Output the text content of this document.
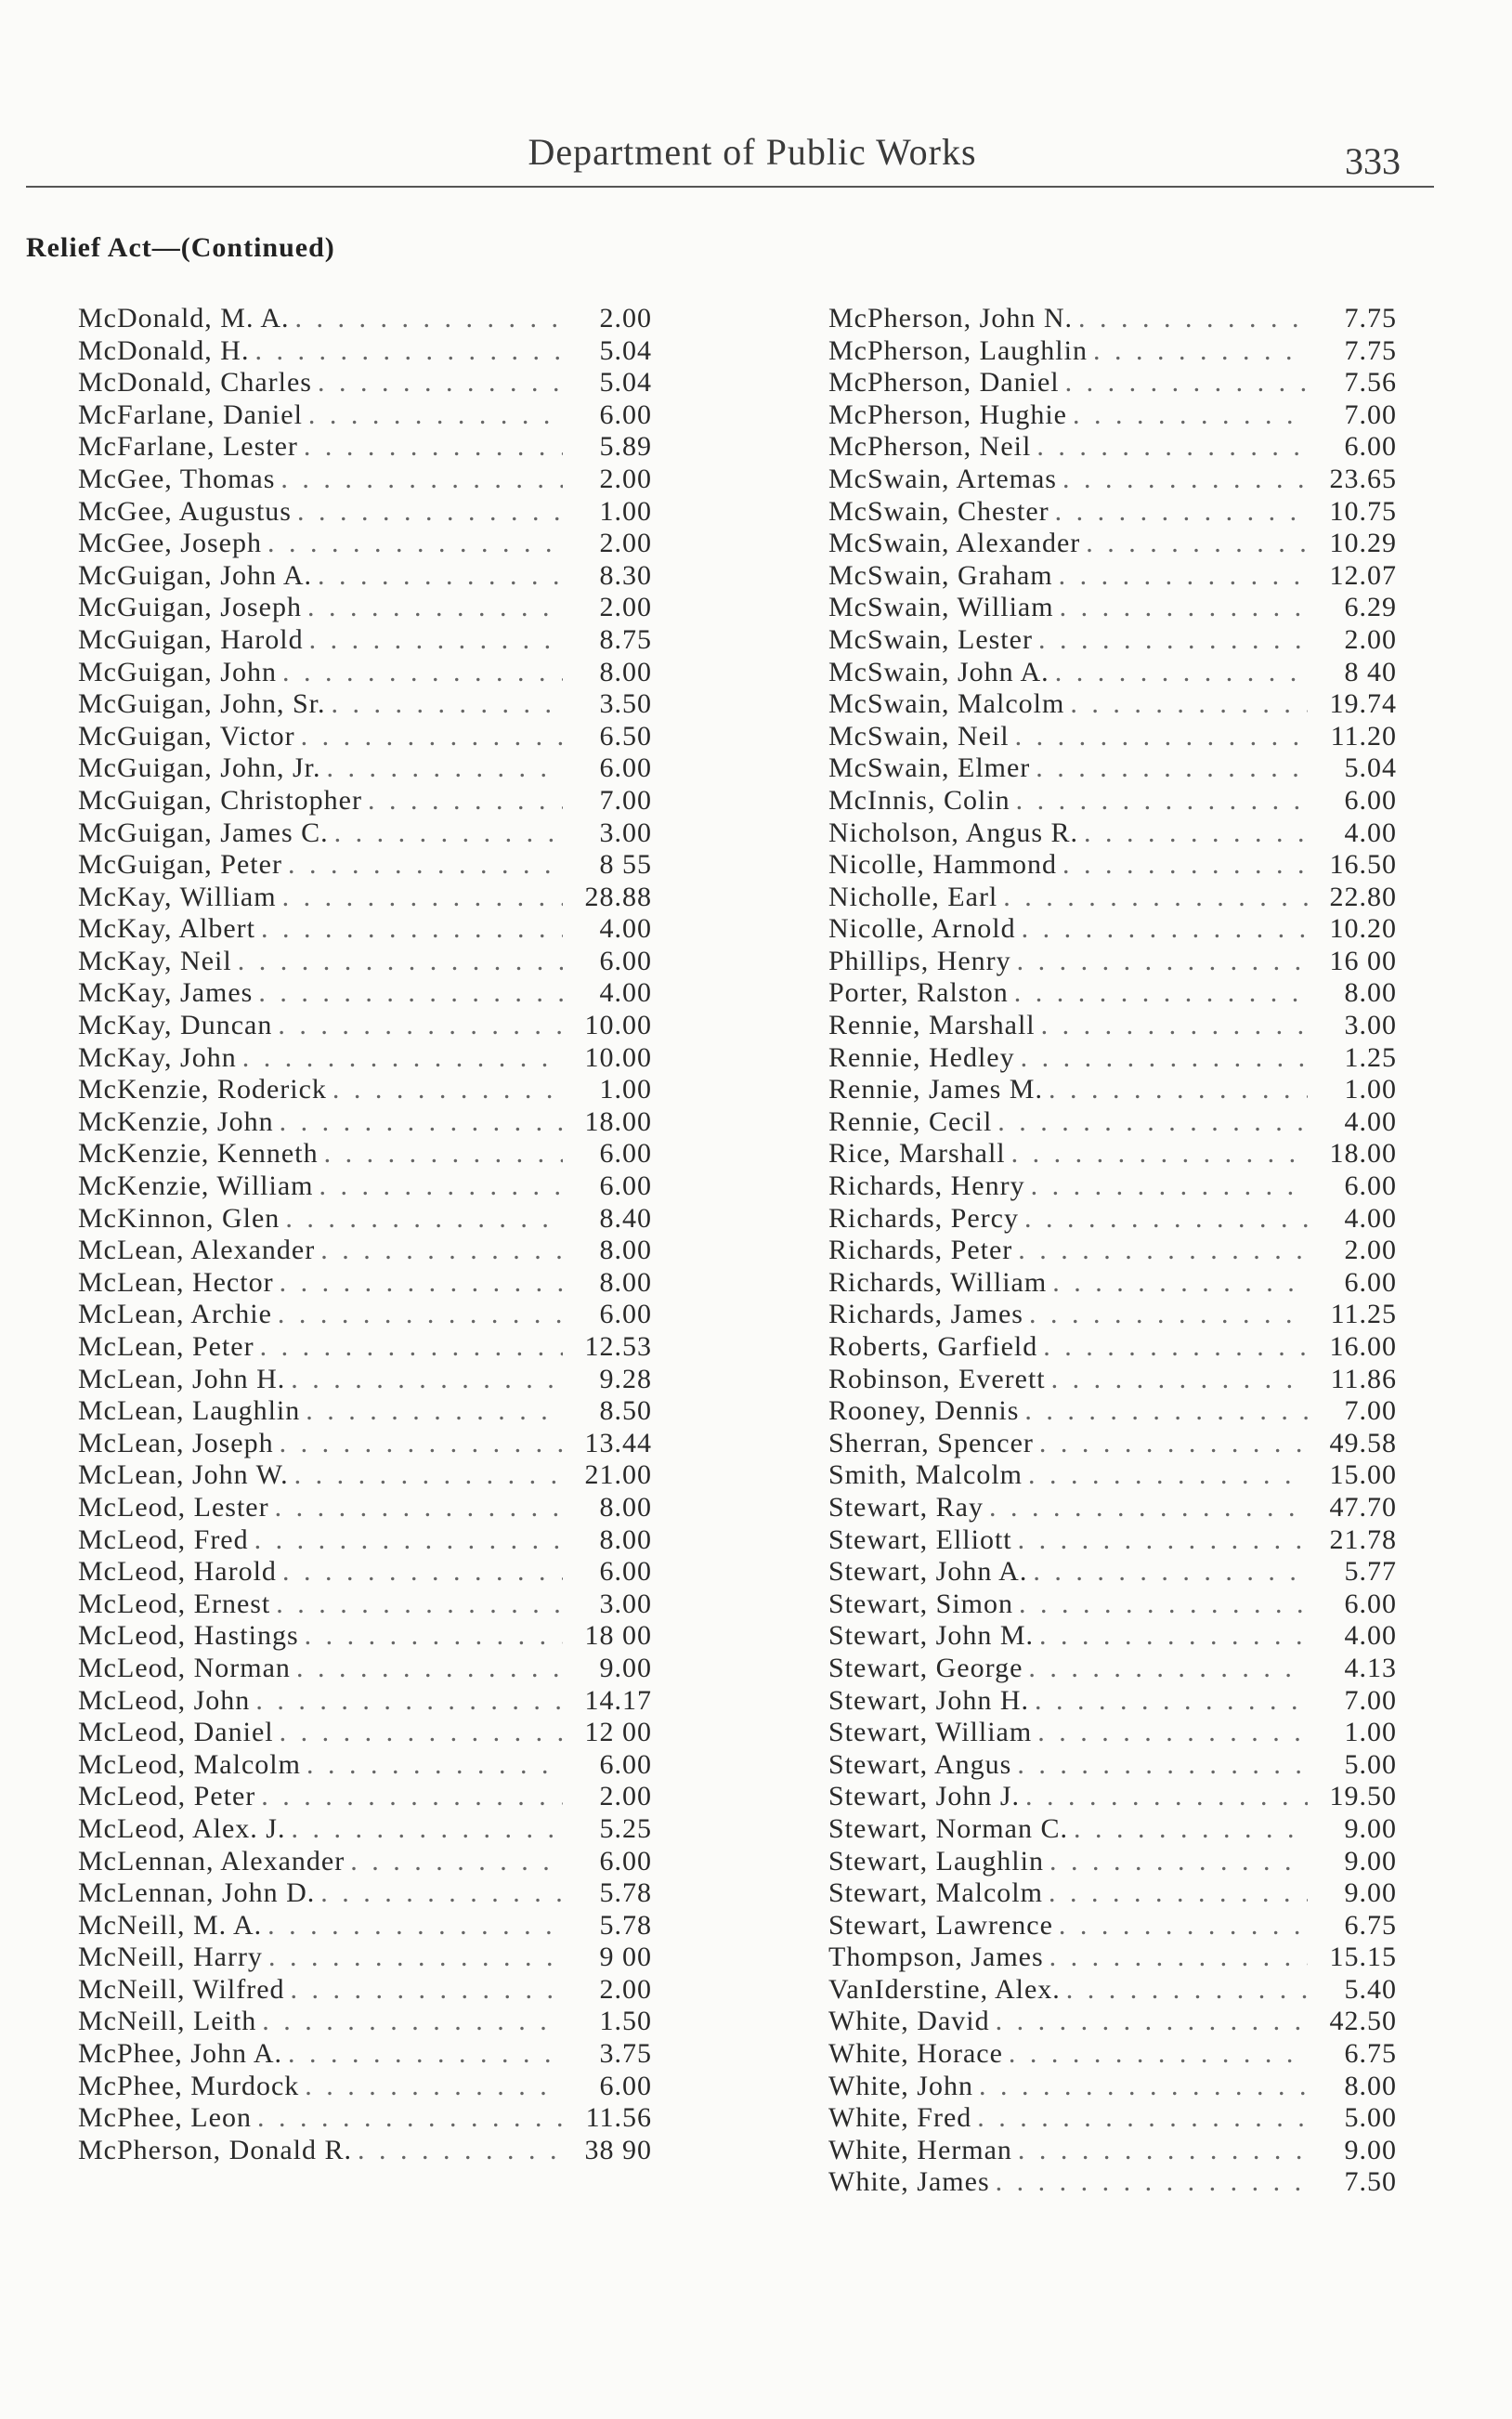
Department of Public Works	333
Relief Act—(Continued)
McDonald, M. A. . . .	2.00
McDonald, H. . . .	5.04
McDonald, Charles . . .	5.04
McFarlane, Daniel . . .	6.00
McFarlane, Lester . . .	5.89
McGee, Thomas . . .	2.00
McGee, Augustus . . .	1.00
McGee, Joseph . . .	2.00
McGuigan, John A. . . .	8.30
McGuigan, Joseph . . .	2.00
McGuigan, Harold . . .	8.75
McGuigan, John . . .	8.00
McGuigan, John, Sr. . . .	3.50
McGuigan, Victor . . .	6.50
McGuigan, John, Jr. . . .	6.00
McGuigan, Christopher . . .	7.00
McGuigan, James C. . . .	3.00
McGuigan, Peter . . .	8 55
McKay, William . . .	28.88
McKay, Albert . . .	4.00
McKay, Neil . . .	6.00
McKay, James . . .	4.00
McKay, Duncan . . .	10.00
McKay, John . . .	10.00
McKenzie, Roderick . . .	1.00
McKenzie, John . . .	18.00
McKenzie, Kenneth . . .	6.00
McKenzie, William . . .	6.00
McKinnon, Glen . . .	8.40
McLean, Alexander . . .	8.00
McLean, Hector . . .	8.00
McLean, Archie . . .	6.00
McLean, Peter . . .	12.53
McLean, John H. . . .	9.28
McLean, Laughlin . . .	8.50
McLean, Joseph . . .	13.44
McLean, John W. . . .	21.00
McLeod, Lester . . .	8.00
McLeod, Fred . . .	8.00
McLeod, Harold . . .	6.00
McLeod, Ernest . . .	3.00
McLeod, Hastings . . .	18 00
McLeod, Norman . . .	9.00
McLeod, John . . .	14.17
McLeod, Daniel . . .	12 00
McLeod, Malcolm . . .	6.00
McLeod, Peter . . .	2.00
McLeod, Alex. J. . . .	5.25
McLennan, Alexander . . .	6.00
McLennan, John D. . . .	5.78
McNeill, M. A. . . .	5.78
McNeill, Harry . . .	9 00
McNeill, Wilfred . . .	2.00
McNeill, Leith . . .	1.50
McPhee, John A. . . .	3.75
McPhee, Murdock . . .	6.00
McPhee, Leon . . .	11.56
McPherson, Donald R. . . .	38 90
McPherson, John N. . . .	7.75
McPherson, Laughlin . . .	7.75
McPherson, Daniel . . .	7.56
McPherson, Hughie . . .	7.00
McPherson, Neil . . .	6.00
McSwain, Artemas . . .	23.65
McSwain, Chester . . .	10.75
McSwain, Alexander . . .	10.29
McSwain, Graham . . .	12.07
McSwain, William . . .	6.29
McSwain, Lester . . .	2.00
McSwain, John A. . . .	8 40
McSwain, Malcolm . . .	19.74
McSwain, Neil . . .	11.20
McSwain, Elmer . . .	5.04
McInnis, Colin . . .	6.00
Nicholson, Angus R. . . .	4.00
Nicolle, Hammond . . .	16.50
Nicholle, Earl . . .	22.80
Nicolle, Arnold . . .	10.20
Phillips, Henry . . .	16 00
Porter, Ralston . . .	8.00
Rennie, Marshall . . .	3.00
Rennie, Hedley . . .	1.25
Rennie, James M. . . .	1.00
Rennie, Cecil . . .	4.00
Rice, Marshall . . .	18.00
Richards, Henry . . .	6.00
Richards, Percy . . .	4.00
Richards, Peter . . .	2.00
Richards, William . . .	6.00
Richards, James . . .	11.25
Roberts, Garfield . . .	16.00
Robinson, Everett . . .	11.86
Rooney, Dennis . . .	7.00
Sherran, Spencer . . .	49.58
Smith, Malcolm . . .	15.00
Stewart, Ray . . .	47.70
Stewart, Elliott . . .	21.78
Stewart, John A. . . .	5.77
Stewart, Simon . . .	6.00
Stewart, John M. . . .	4.00
Stewart, George . . .	4.13
Stewart, John H. . . .	7.00
Stewart, William . . .	1.00
Stewart, Angus . . .	5.00
Stewart, John J. . . .	19.50
Stewart, Norman C. . . .	9.00
Stewart, Laughlin . . .	9.00
Stewart, Malcolm . . .	9.00
Stewart, Lawrence . . .	6.75
Thompson, James . . .	15.15
VanIderstine, Alex. . . .	5.40
White, David . . .	42.50
White, Horace . . .	6.75
White, John . . .	8.00
White, Fred . . .	5.00
White, Herman . . .	9.00
White, James . . .	7.50
